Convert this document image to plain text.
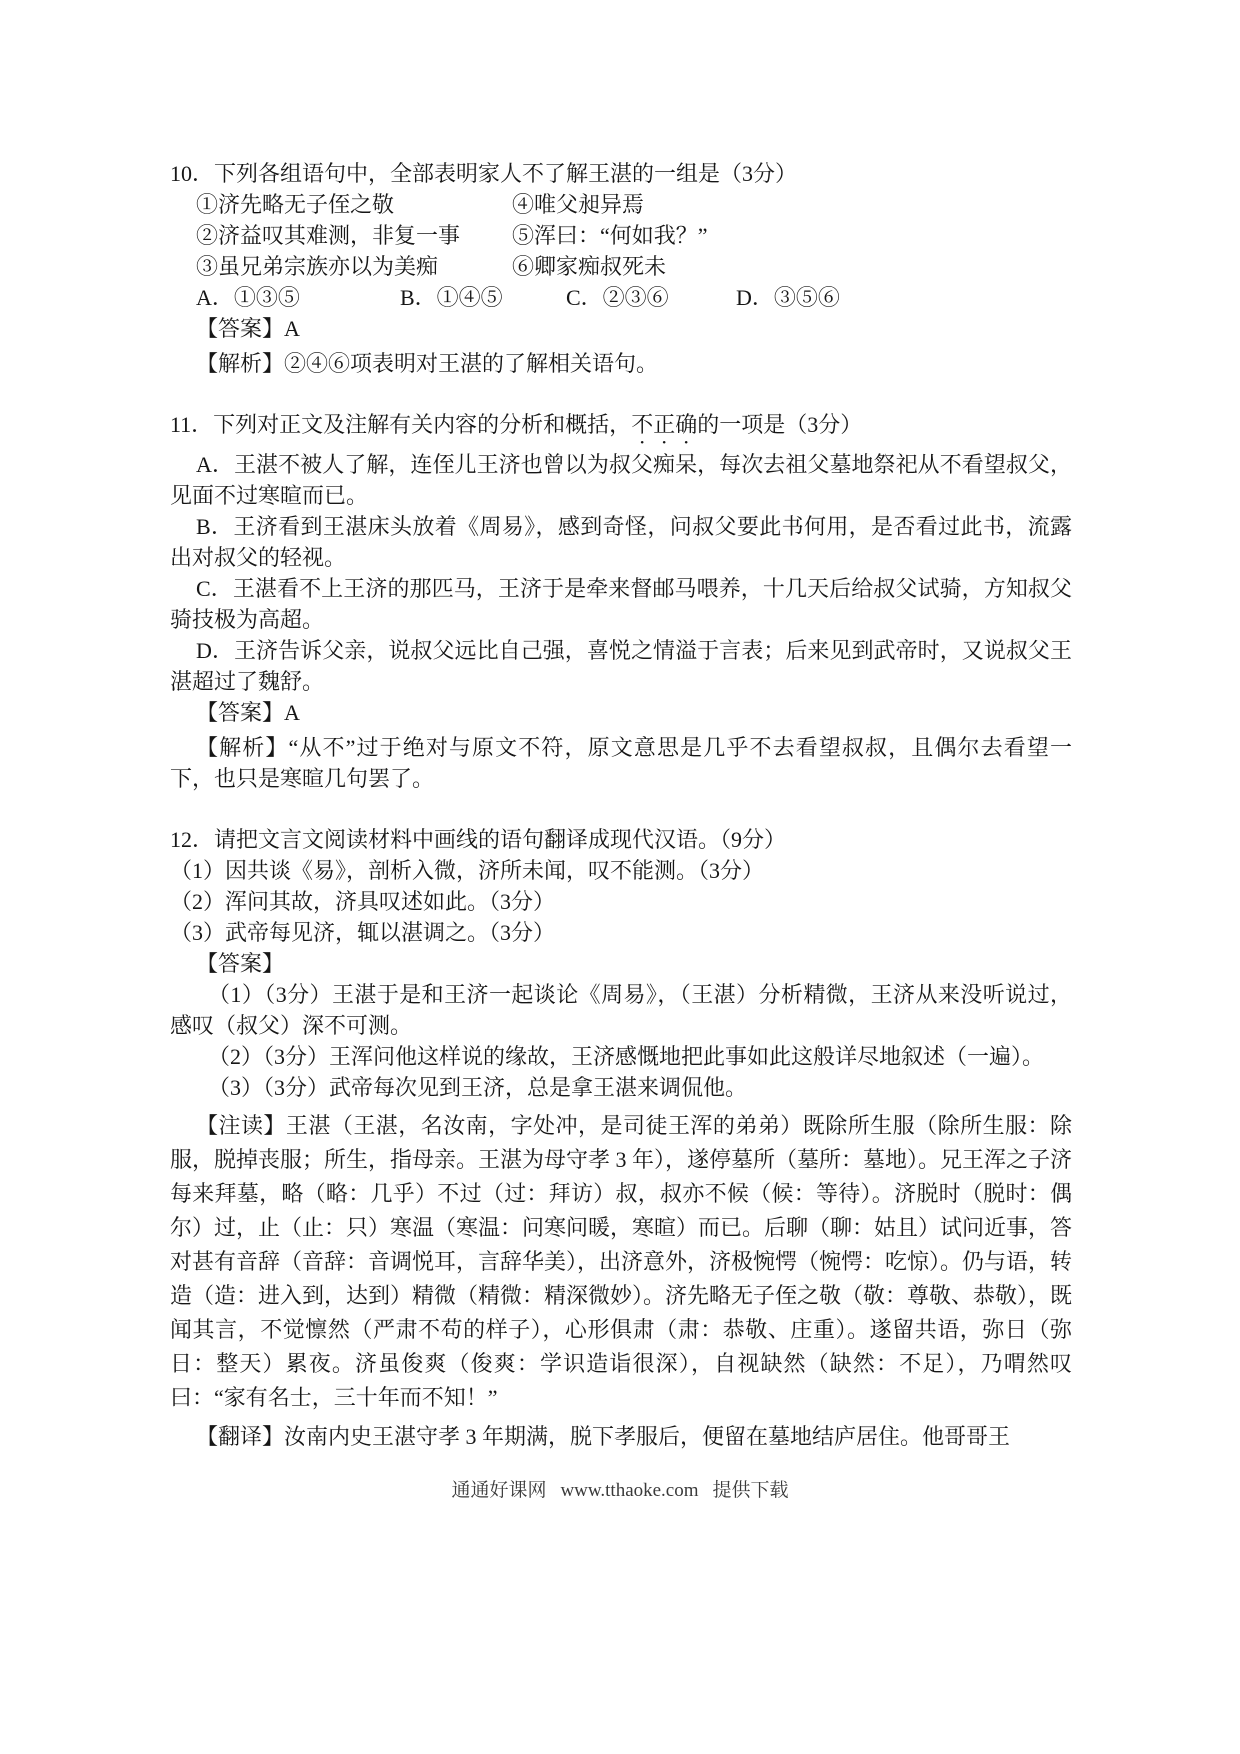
10．下列各组语句中，全部表明家人不了解王湛的一组是（3分）

①济先略无子侄之敬	④唯父昶异焉
②济益叹其难测，非复一事	⑤浑曰：“何如我？”
③虽兄弟宗族亦以为美痴	⑥卿家痴叔死未
A．①③⑤	B．①④⑤	C．②③⑥	D．③⑤⑥

【答案】A

【解析】②④⑥项表明对王湛的了解相关语句。

11．下列对正文及注解有关内容的分析和概括，不正确的一项是（3分）

A．王湛不被人了解，连侄儿王济也曾以为叔父痴呆，每次去祖父墓地祭祀从不看望叔父，见面不过寒暄而已。

B．王济看到王湛床头放着《周易》，感到奇怪，问叔父要此书何用，是否看过此书，流露出对叔父的轻视。

C．王湛看不上王济的那匹马，王济于是牵来督邮马喂养，十几天后给叔父试骑，方知叔父骑技极为高超。

D．王济告诉父亲，说叔父远比自己强，喜悦之情溢于言表；后来见到武帝时，又说叔父王湛超过了魏舒。

【答案】A

【解析】“从不”过于绝对与原文不符，原文意思是几乎不去看望叔叔，且偶尔去看望一下，也只是寒暄几句罢了。

12．请把文言文阅读材料中画线的语句翻译成现代汉语。（9分）

（1）因共谈《易》，剖析入微，济所未闻，叹不能测。（3分）

（2）浑问其故，济具叹述如此。（3分）

（3）武帝每见济，辄以湛调之。（3分）

【答案】

（1）（3分）王湛于是和王济一起谈论《周易》，（王湛）分析精微，王济从来没听说过，感叹（叔父）深不可测。

（2）（3分）王浑问他这样说的缘故，王济感慨地把此事如此这般详尽地叙述（一遍）。

（3）（3分）武帝每次见到王济，总是拿王湛来调侃他。

【注读】王湛（王湛，名汝南，字处冲，是司徒王浑的弟弟）既除所生服（除所生服：除服，脱掉丧服；所生，指母亲。王湛为母守孝 3 年），遂停墓所（墓所：墓地）。兄王浑之子济每来拜墓，略（略：几乎）不过（过：拜访）叔，叔亦不候（候：等待）。济脱时（脱时：偶尔）过，止（止：只）寒温（寒温：问寒问暖，寒暄）而已。后聊（聊：姑且）试问近事，答对甚有音辞（音辞：音调悦耳，言辞华美），出济意外，济极惋愕（惋愕：吃惊）。仍与语，转造（造：进入到，达到）精微（精微：精深微妙）。济先略无子侄之敬（敬：尊敬、恭敬），既闻其言，不觉懔然（严肃不苟的样子），心形俱肃（肃：恭敬、庄重）。遂留共语，弥日（弥日：整天）累夜。济虽俊爽（俊爽：学识造诣很深），自视缺然（缺然：不足），乃喟然叹曰：“家有名士，三十年而不知！”

【翻译】汝南内史王湛守孝 3 年期满，脱下孝服后，便留在墓地结庐居住。他哥哥王

通通好课网 www.tthaoke.com 提供下载
